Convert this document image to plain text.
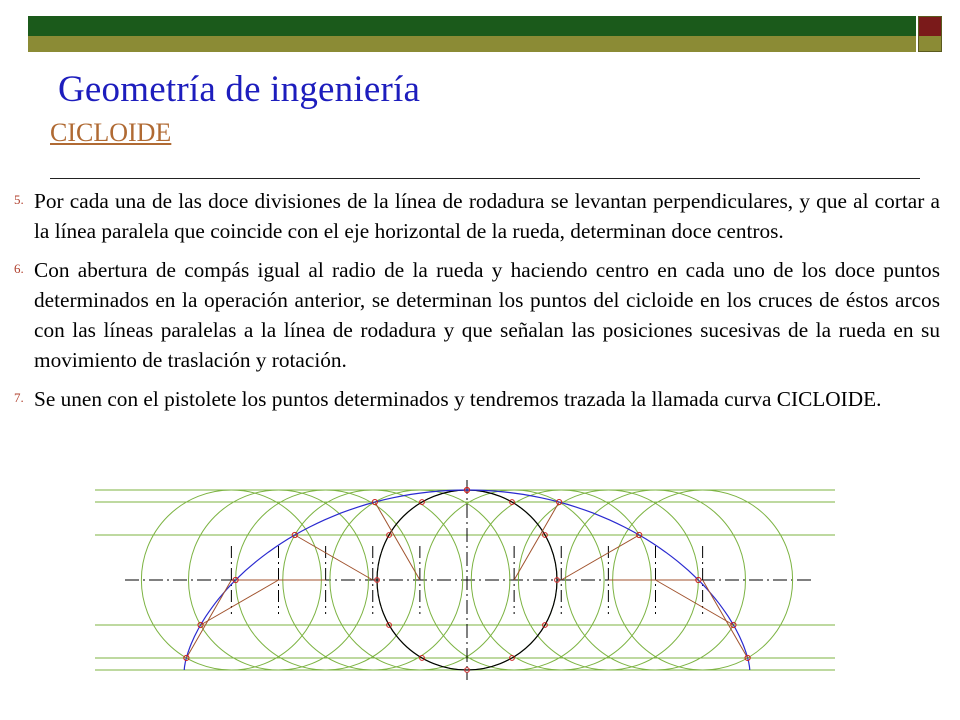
Geometría de ingeniería
CICLOIDE
5. Por cada una de las doce divisiones de la línea de rodadura se levantan perpendiculares, y que al cortar a la línea paralela que coincide con el eje horizontal de la rueda, determinan doce centros.
6. Con abertura de compás igual al radio de la rueda y haciendo centro en cada uno de los doce puntos determinados en la operación anterior, se determinan los puntos del cicloide en los cruces de éstos arcos con las líneas paralelas a la línea de rodadura y que señalan las posiciones sucesivas de la rueda en su movimiento de traslación y rotación.
7. Se unen con el pistolete los puntos determinados y tendremos trazada la llamada curva CICLOIDE.
